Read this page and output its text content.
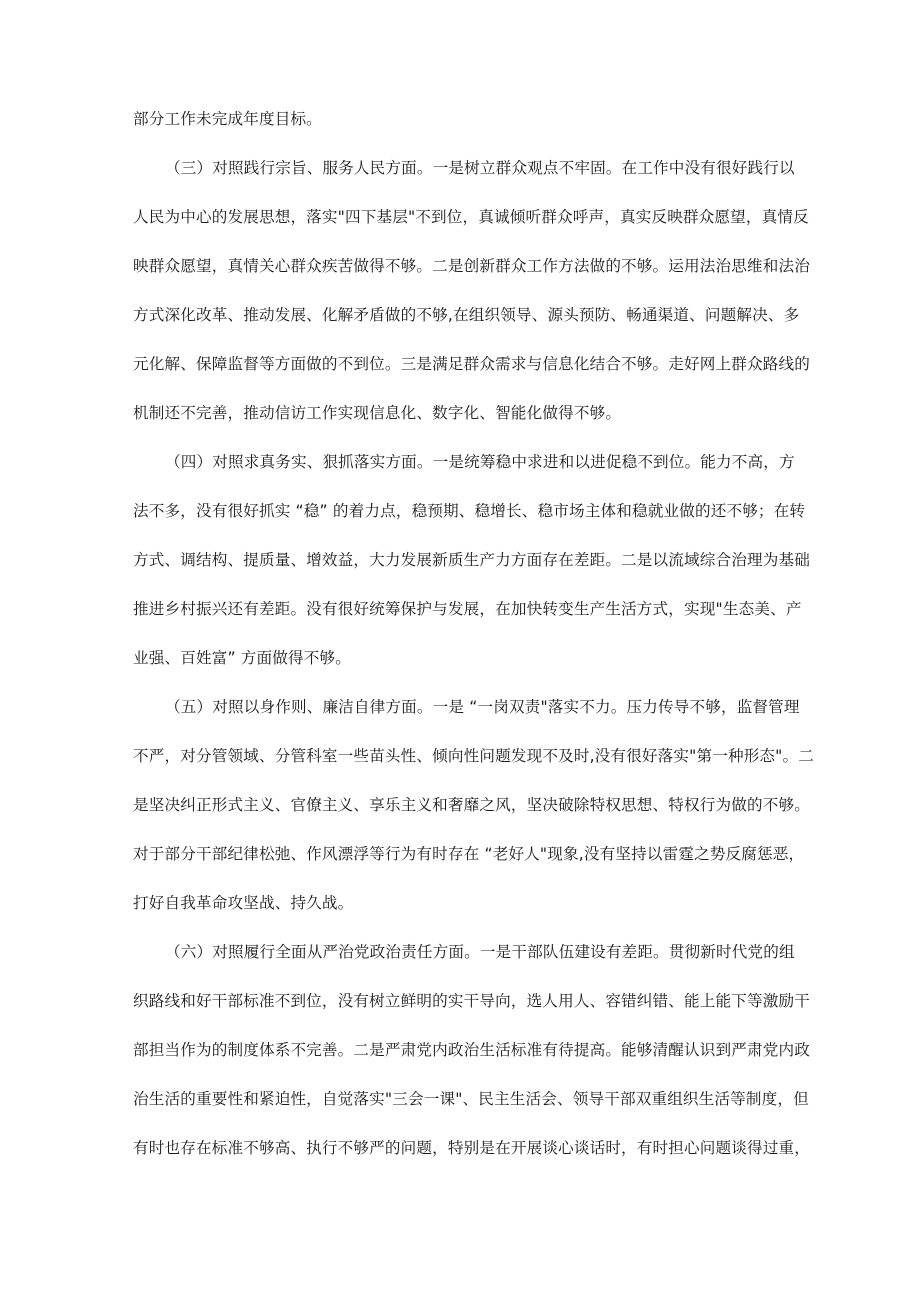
部分工作未完成年度目标。
（三）对照践行宗旨、服务人民方面。一是树立群众观点不牢固。在工作中没有很好践行以
人民为中心的发展思想，落实"四下基层"不到位，真诚倾听群众呼声，真实反映群众愿望，真情反
映群众愿望，真情关心群众疾苦做得不够。二是创新群众工作方法做的不够。运用法治思维和法治
方式深化改革、推动发展、化解矛盾做的不够,在组织领导、源头预防、畅通渠道、问题解决、多
元化解、保障监督等方面做的不到位。三是满足群众需求与信息化结合不够。走好网上群众路线的
机制还不完善，推动信访工作实现信息化、数字化、智能化做得不够。
（四）对照求真务实、狠抓落实方面。一是统筹稳中求进和以进促稳不到位。能力不高，方
法不多，没有很好抓实 “稳” 的着力点，稳预期、稳增长、稳市场主体和稳就业做的还不够；在转
方式、调结构、提质量、增效益，大力发展新质生产力方面存在差距。二是以流域综合治理为基础
推进乡村振兴还有差距。没有很好统筹保护与发展，在加快转变生产生活方式，实现"生态美、产
业强、百姓富” 方面做得不够。
（五）对照以身作则、廉洁自律方面。一是 “一岗双责"落实不力。压力传导不够，监督管理
不严，对分管领域、分管科室一些苗头性、倾向性问题发现不及时,没有很好落实"第一种形态"。二
是坚决纠正形式主义、官僚主义、享乐主义和奢靡之风，坚决破除特权思想、特权行为做的不够。
对于部分干部纪律松弛、作风漂浮等行为有时存在 “老好人"现象,没有坚持以雷霆之势反腐惩恶，
打好自我革命攻坚战、持久战。
（六）对照履行全面从严治党政治责任方面。一是干部队伍建设有差距。贯彻新时代党的组
织路线和好干部标准不到位，没有树立鲜明的实干导向，选人用人、容错纠错、能上能下等激励干
部担当作为的制度体系不完善。二是严肃党内政治生活标准有待提高。能够清醒认识到严肃党内政
治生活的重要性和紧迫性，自觉落实"三会一课"、民主生活会、领导干部双重组织生活等制度，但
有时也存在标准不够高、执行不够严的问题，特别是在开展谈心谈话时，有时担心问题谈得过重，
